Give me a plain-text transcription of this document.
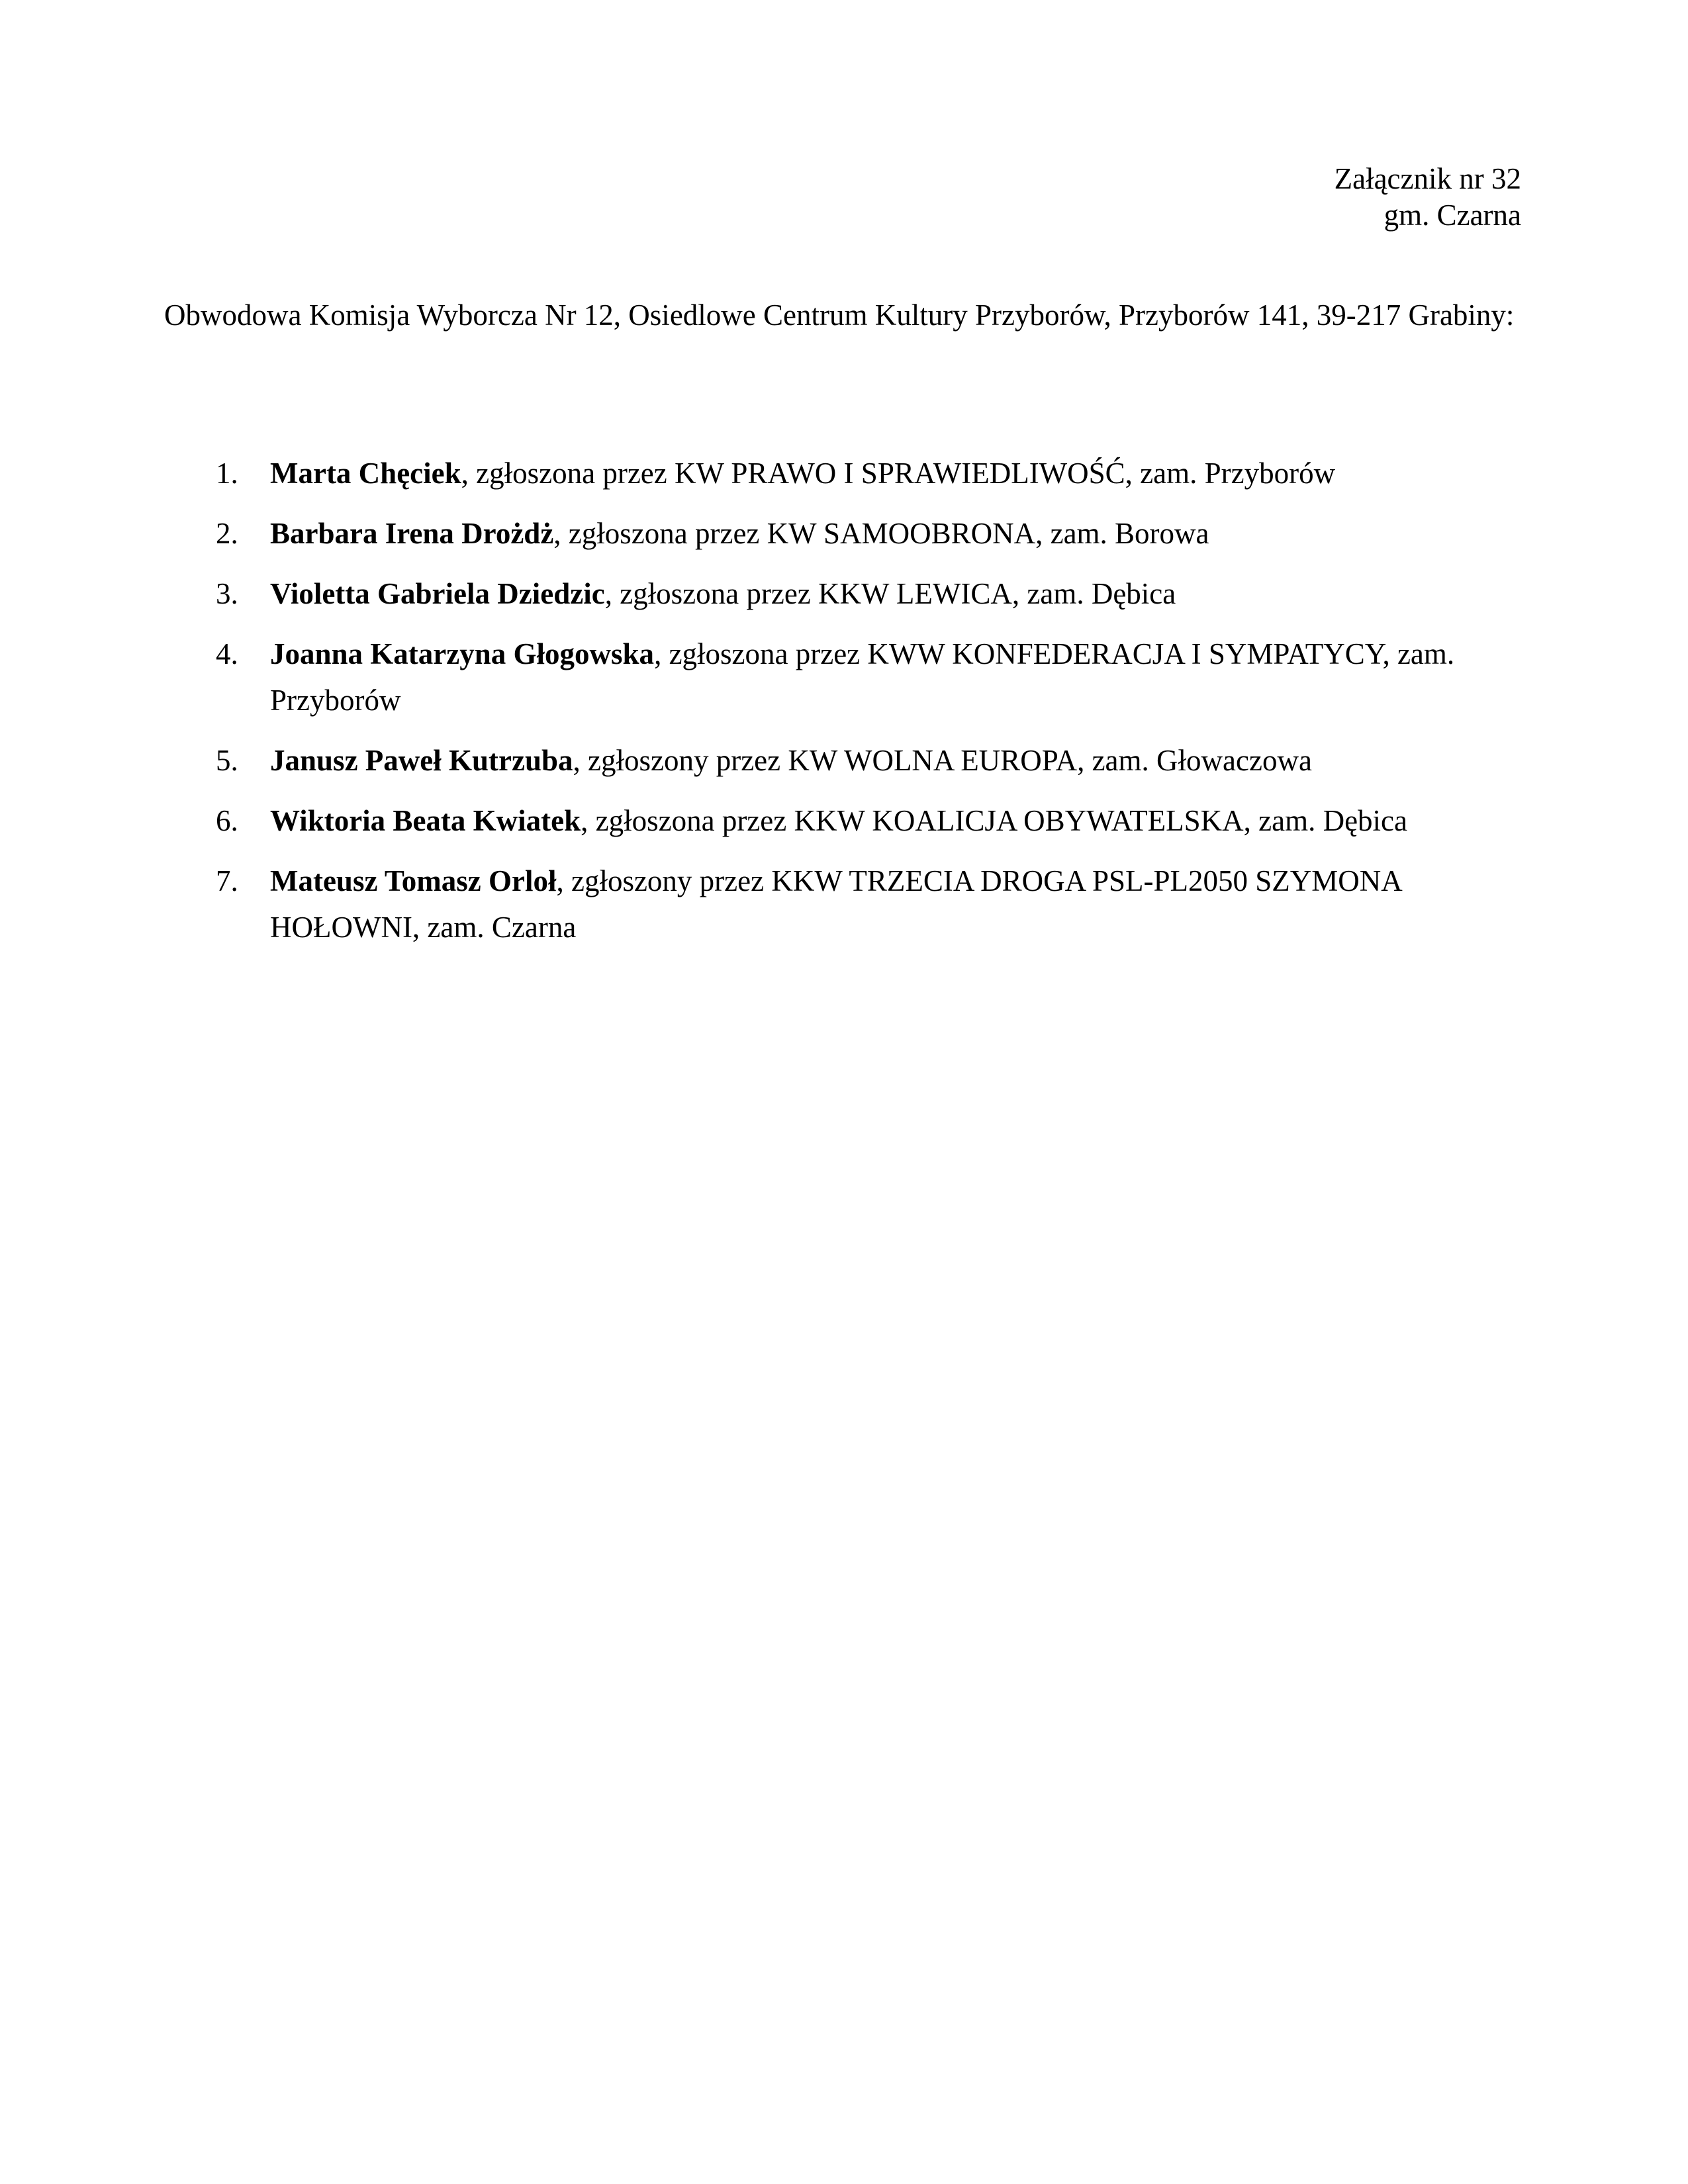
Załącznik nr 32
gm. Czarna

Obwodowa Komisja Wyborcza Nr 12, Osiedlowe Centrum Kultury Przyborów, Przyborów 141, 39-217 Grabiny:

1. Marta Chęciek, zgłoszona przez KW PRAWO I SPRAWIEDLIWOŚĆ, zam. Przyborów
2. Barbara Irena Drożdż, zgłoszona przez KW SAMOOBRONA, zam. Borowa
3. Violetta Gabriela Dziedzic, zgłoszona przez KKW LEWICA, zam. Dębica
4. Joanna Katarzyna Głogowska, zgłoszona przez KWW KONFEDERACJA I SYMPATYCY, zam. Przyborów
5. Janusz Paweł Kutrzuba, zgłoszony przez KW WOLNA EUROPA, zam. Głowaczowa
6. Wiktoria Beata Kwiatek, zgłoszona przez KKW KOALICJA OBYWATELSKA, zam. Dębica
7. Mateusz Tomasz Orloł, zgłoszony przez KKW TRZECIA DROGA PSL-PL2050 SZYMONA HOŁOWNI, zam. Czarna
